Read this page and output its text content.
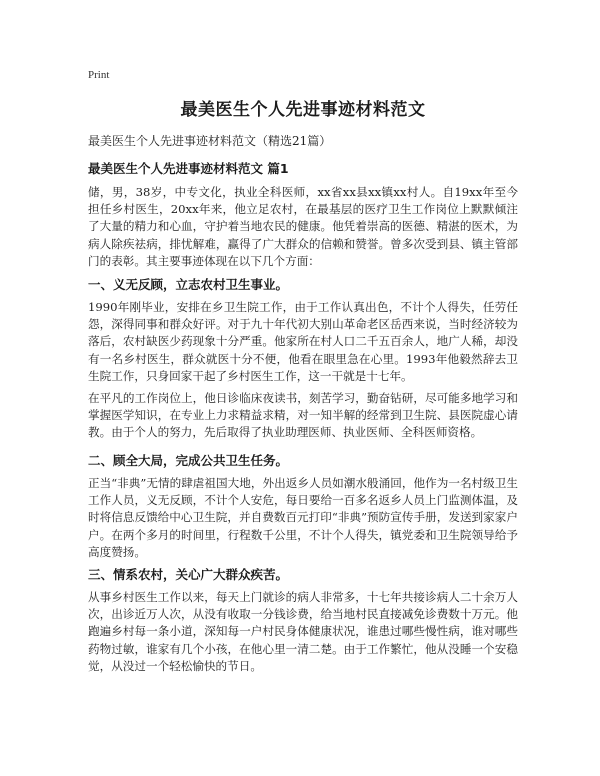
Print
最美医生个人先进事迹材料范文
最美医生个人先进事迹材料范文（精选21篇）
最美医生个人先进事迹材料范文 篇1
储，男，38岁，中专文化，执业全科医师，xx省xx县xx镇xx村人。自19xx年至今担任乡村医生，20xx年来，他立足农村，在最基层的医疗卫生工作岗位上默默倾注了大量的精力和心血，守护着当地农民的健康。他凭着崇高的医德、精湛的医术，为病人除疾祛病，排忧解难，赢得了广大群众的信赖和赞誉。曾多次受到县、镇主管部门的表彰。其主要事迹体现在以下几个方面：
一、义无反顾，立志农村卫生事业。
1990年刚毕业，安排在乡卫生院工作，由于工作认真出色，不计个人得失，任劳任怨，深得同事和群众好评。对于九十年代初大别山革命老区岳西来说，当时经济较为落后，农村缺医少药现象十分严重。他家所在村人口二千五百余人，地广人稀，却没有一名乡村医生，群众就医十分不便，他看在眼里急在心里。1993年他毅然辞去卫生院工作，只身回家干起了乡村医生工作，这一干就是十七年。
在平凡的工作岗位上，他日诊临床夜读书，刻苦学习，勤奋钻研，尽可能多地学习和掌握医学知识，在专业上力求精益求精，对一知半解的经常到卫生院、县医院虚心请教。由于个人的努力，先后取得了执业助理医师、执业医师、全科医师资格。
二、顾全大局，完成公共卫生任务。
正当“非典”无情的肆虐祖国大地，外出返乡人员如潮水般涌回，他作为一名村级卫生工作人员，义无反顾，不计个人安危，每日要给一百多名返乡人员上门监测体温，及时将信息反馈给中心卫生院，并自费数百元打印“非典”预防宣传手册，发送到家家户户。在两个多月的时间里，行程数千公里，不计个人得失，镇党委和卫生院领导给予高度赞扬。
三、情系农村，关心广大群众疾苦。
从事乡村医生工作以来，每天上门就诊的病人非常多，十七年共接诊病人二十余万人次，出诊近万人次，从没有收取一分钱诊费，给当地村民直接减免诊费数十万元。他跑遍乡村每一条小道，深知每一户村民身体健康状况，谁患过哪些慢性病，谁对哪些药物过敏，谁家有几个小孩，在他心里一清二楚。由于工作繁忙，他从没睡一个安稳觉，从没过一个轻松愉快的节日。
